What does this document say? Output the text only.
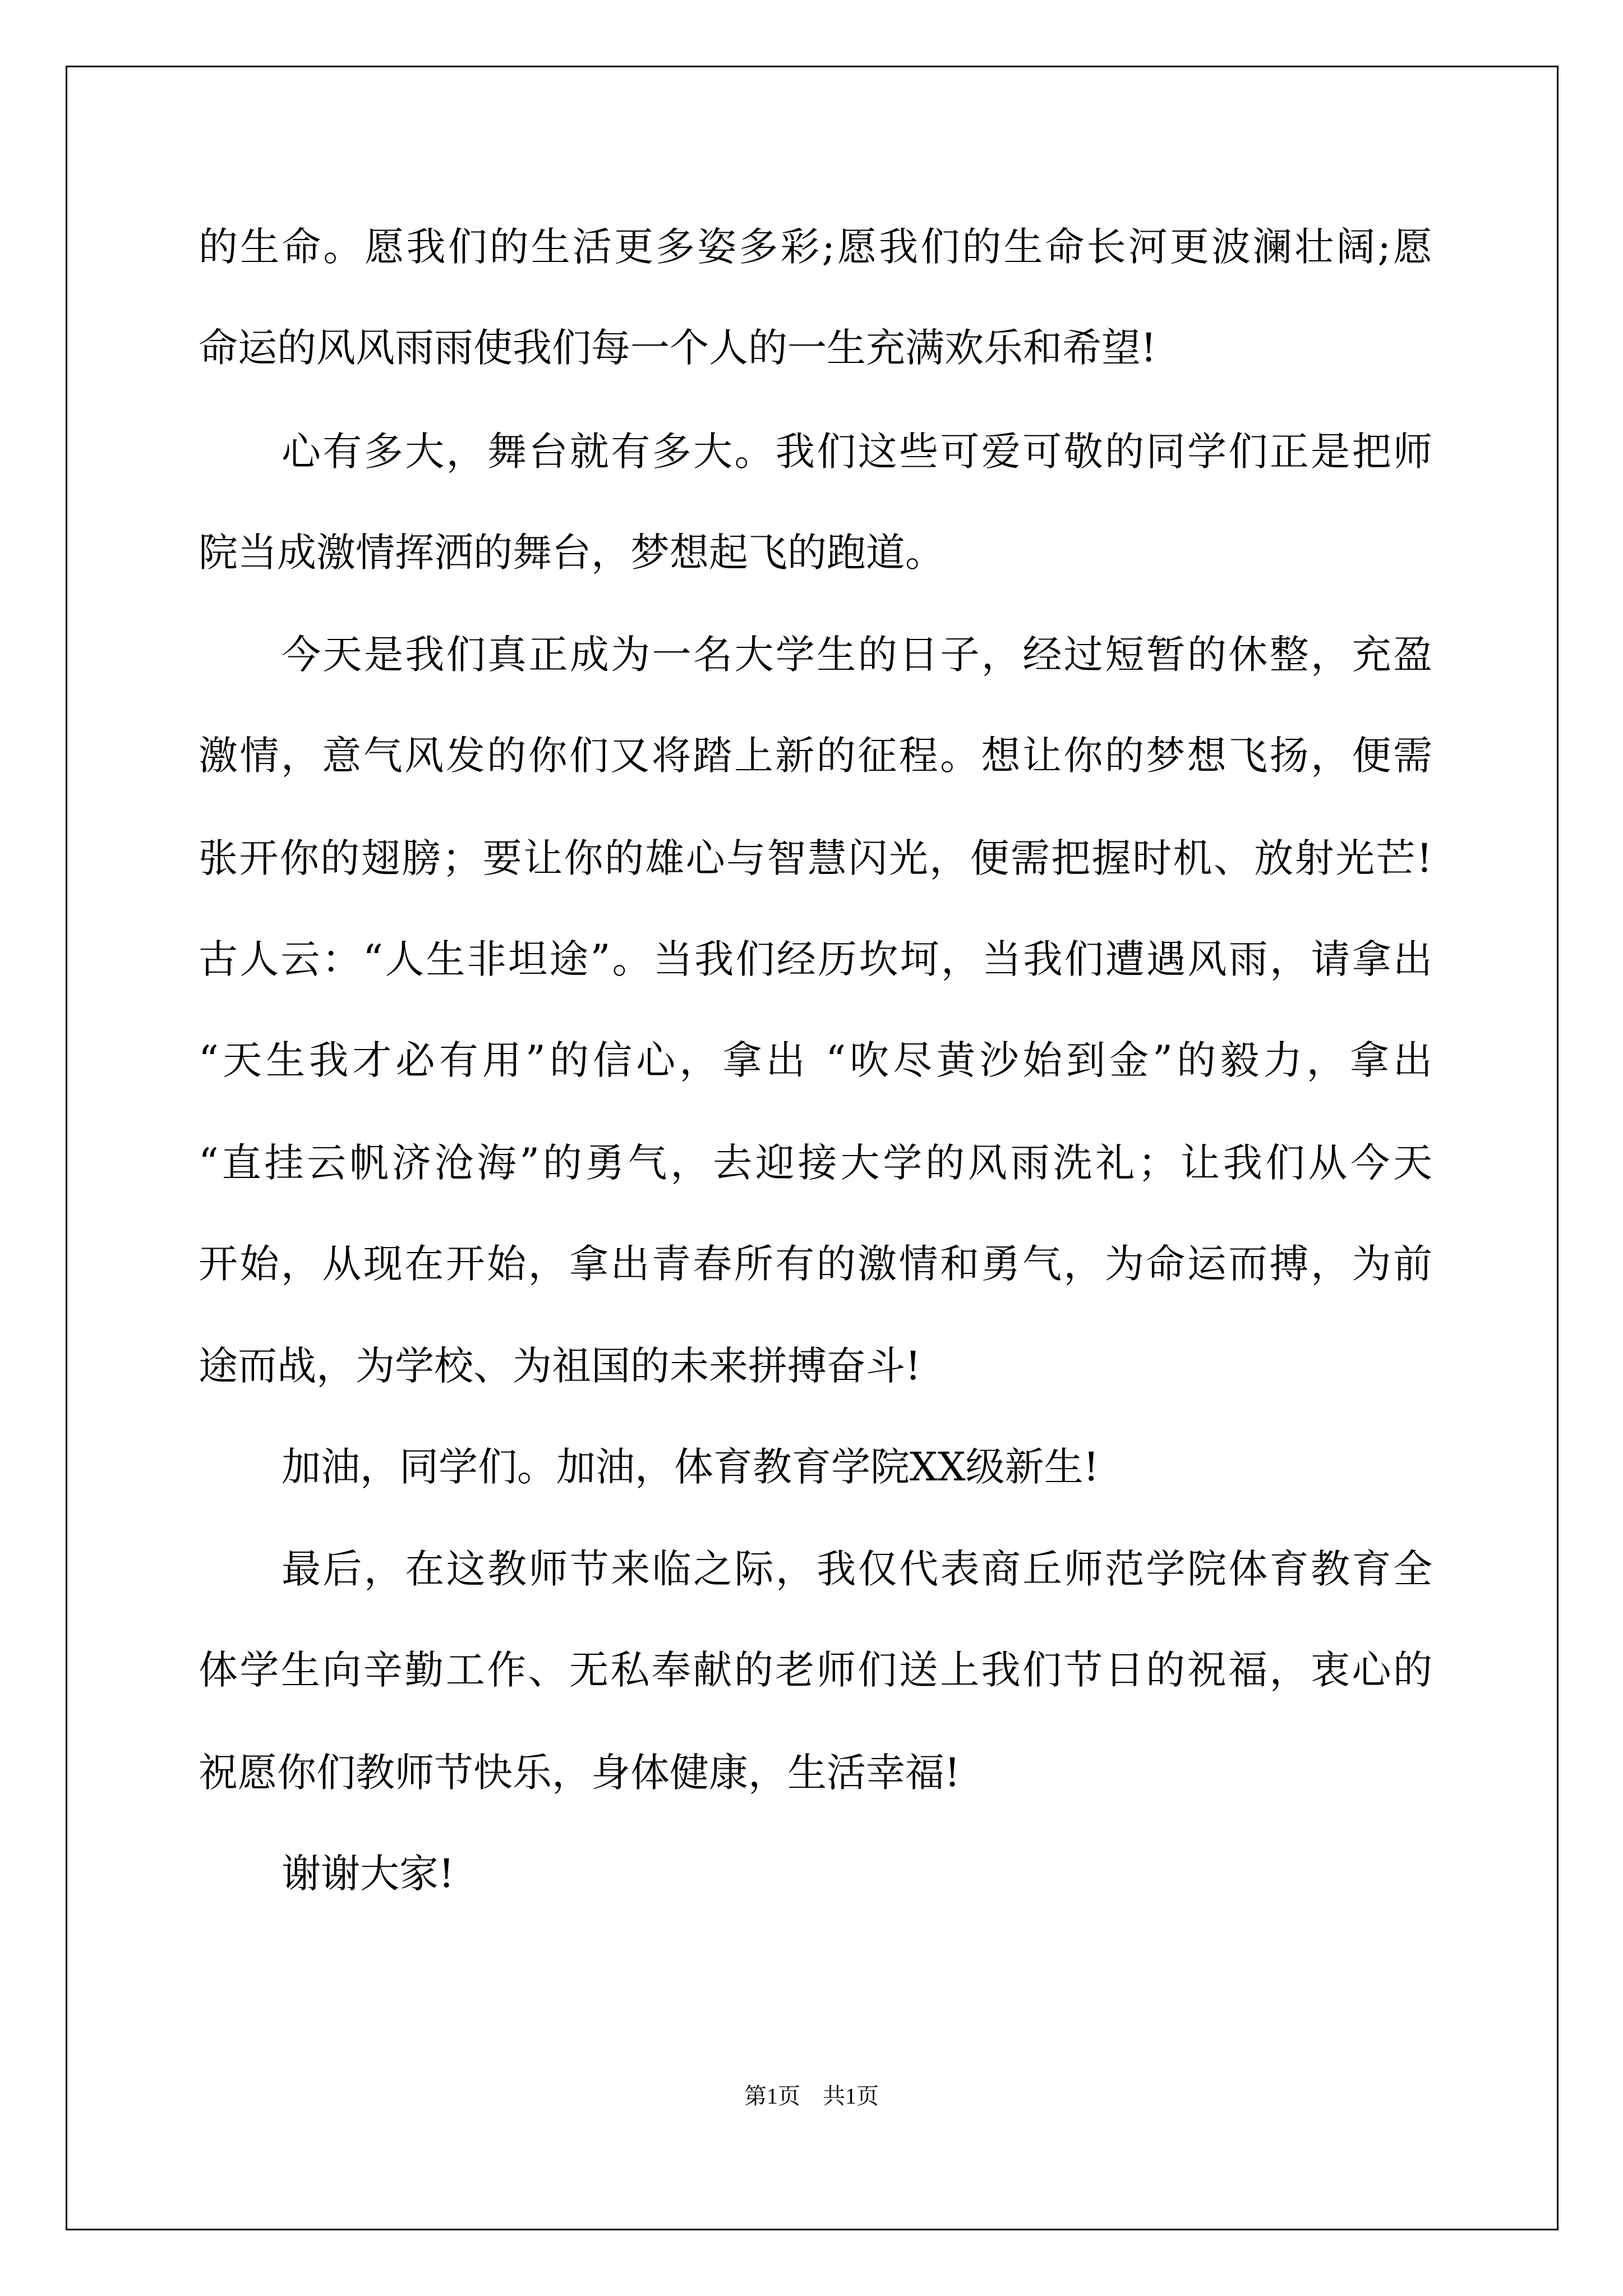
的生命。愿我们的生活更多姿多彩;愿我们的生命长河更波澜壮阔;愿
命运的风风雨雨使我们每一个人的一生充满欢乐和希望!
心有多大，舞台就有多大。我们这些可爱可敬的同学们正是把师
院当成激情挥洒的舞台，梦想起飞的跑道。
今天是我们真正成为一名大学生的日子，经过短暂的休整，充盈
激情，意气风发的你们又将踏上新的征程。想让你的梦想飞扬，便需
张开你的翅膀；要让你的雄心与智慧闪光，便需把握时机、放射光芒!
古人云：“人生非坦途”。当我们经历坎坷，当我们遭遇风雨，请拿出
“天生我才必有用”的信心，拿出 “吹尽黄沙始到金”的毅力，拿出
“直挂云帆济沧海”的勇气，去迎接大学的风雨洗礼；让我们从今天
开始，从现在开始，拿出青春所有的激情和勇气，为命运而搏，为前
途而战，为学校、为祖国的未来拼搏奋斗!
加油，同学们。加油，体育教育学院XX级新生!
最后，在这教师节来临之际，我仅代表商丘师范学院体育教育全
体学生向辛勤工作、无私奉献的老师们送上我们节日的祝福，衷心的
祝愿你们教师节快乐，身体健康，生活幸福!
谢谢大家!
第1页　共1页
